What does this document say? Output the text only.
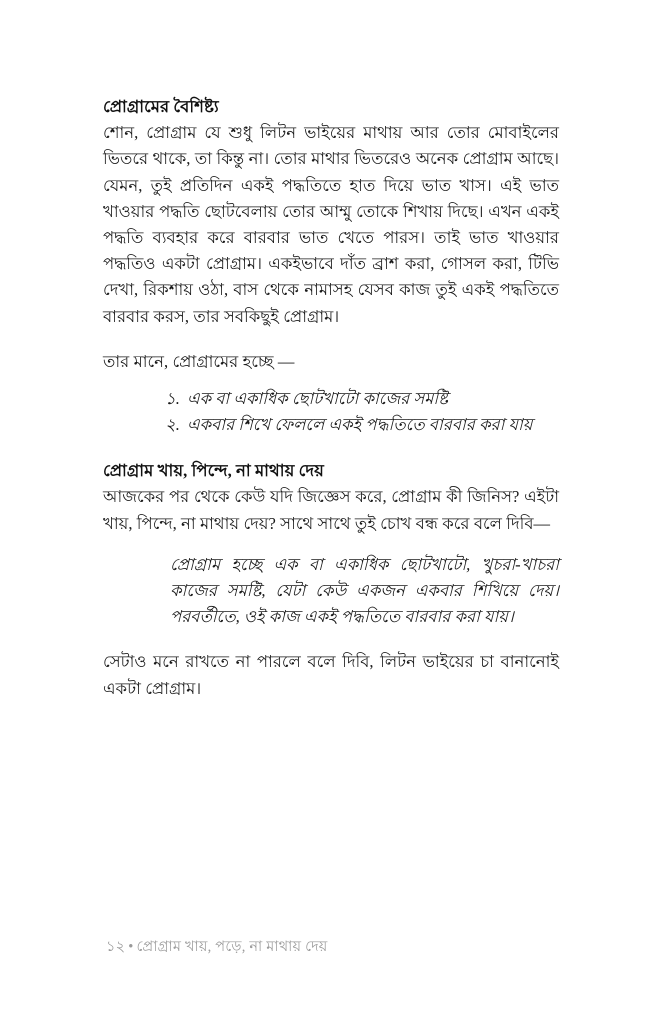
প্রোগ্রামের বৈশিষ্ট্য

শোন, প্রোগ্রাম যে শুধু লিটন ভাইয়ের মাথায় আর তোর মোবাইলের ভিতরে থাকে, তা কিন্তু না। তোর মাথার ভিতরেও অনেক প্রোগ্রাম আছে। যেমন, তুই প্রতিদিন একই পদ্ধতিতে হাত দিয়ে ভাত খাস। এই ভাত খাওয়ার পদ্ধতি ছোটবেলায় তোর আম্মু তোকে শিখায় দিছে। এখন একই পদ্ধতি ব্যবহার করে বারবার ভাত খেতে পারস। তাই ভাত খাওয়ার পদ্ধতিও একটা প্রোগ্রাম। একইভাবে দাঁত ব্রাশ করা, গোসল করা, টিভি দেখা, রিকশায় ওঠা, বাস থেকে নামাসহ যেসব কাজ তুই একই পদ্ধতিতে বারবার করস, তার সবকিছুই প্রোগ্রাম।

তার মানে, প্রোগ্রামের হচ্ছে —

১. এক বা একাধিক ছোটখাটো কাজের সমষ্টি
২. একবার শিখে ফেললে একই পদ্ধতিতে বারবার করা যায়
প্রোগ্রাম খায়, পিন্দে, না মাথায় দেয়

আজকের পর থেকে কেউ যদি জিজ্ঞেস করে, প্রোগ্রাম কী জিনিস? এইটা খায়, পিন্দে, না মাথায় দেয়? সাথে সাথে তুই চোখ বন্ধ করে বলে দিবি—

প্রোগ্রাম হচ্ছে এক বা একাধিক ছোটখাটো, খুচরা-খাচরা কাজের সমষ্টি, যেটা কেউ একজন একবার শিখিয়ে দেয়। পরবর্তীতে, ওই কাজ একই পদ্ধতিতে বারবার করা যায়।

সেটাও মনে রাখতে না পারলে বলে দিবি, লিটন ভাইয়ের চা বানানোই একটা প্রোগ্রাম।

১২ • প্রোগ্রাম খায়, পড়ে, না মাথায় দেয়
